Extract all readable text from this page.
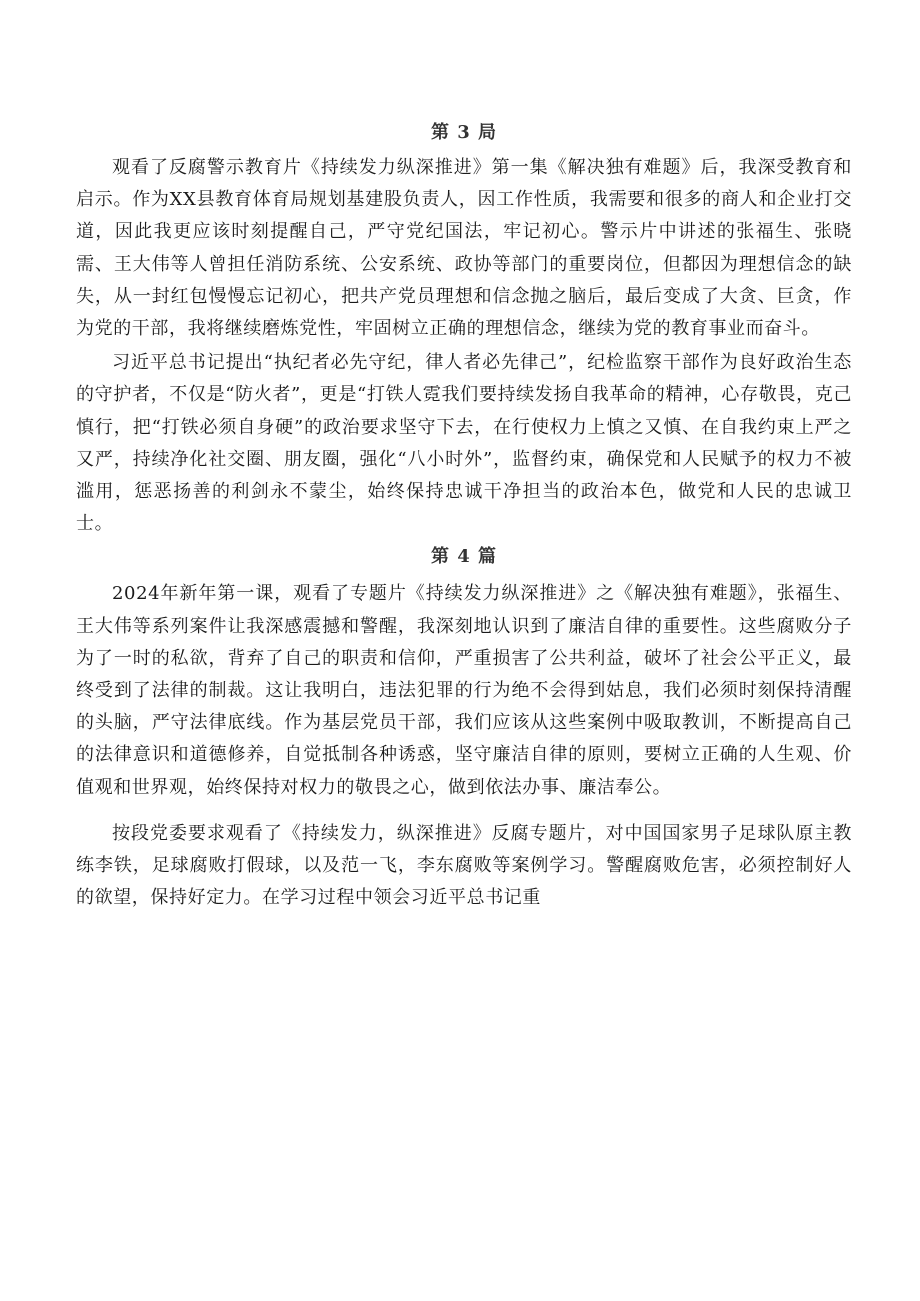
第 3 局

观看了反腐警示教育片《持续发力纵深推进》第一集《解决独有难题》后，我深受教育和启示。作为XX县教育体育局规划基建股负责人，因工作性质，我需要和很多的商人和企业打交道，因此我更应该时刻提醒自己，严守党纪国法，牢记初心。警示片中讲述的张福生、张晓需、王大伟等人曾担任消防系统、公安系统、政协等部门的重要岗位，但都因为理想信念的缺失，从一封红包慢慢忘记初心，把共产党员理想和信念抛之脑后，最后变成了大贪、巨贪，作为党的干部，我将继续磨炼党性，牢固树立正确的理想信念，继续为党的教育事业而奋斗。

习近平总书记提出“执纪者必先守纪，律人者必先律己”，纪检监察干部作为良好政治生态的守护者，不仅是“防火者”，更是“打铁人霓我们要持续发扬自我革命的精神，心存敬畏，克己慎行，把“打铁必须自身硬”的政治要求坚守下去，在行使权力上慎之又慎、在自我约束上严之又严，持续净化社交圈、朋友圈，强化“八小时外”，监督约束，确保党和人民赋予的权力不被滥用，惩恶扬善的利剑永不蒙尘，始终保持忠诚干净担当的政治本色，做党和人民的忠诚卫士。

第 4 篇

2024年新年第一课，观看了专题片《持续发力纵深推进》之《解决独有难题》，张福生、王大伟等系列案件让我深感震撼和警醒，我深刻地认识到了廉洁自律的重要性。这些腐败分子为了一时的私欲，背弃了自己的职责和信仰，严重损害了公共利益，破坏了社会公平正义，最终受到了法律的制裁。这让我明白，违法犯罪的行为绝不会得到姑息，我们必须时刻保持清醒的头脑，严守法律底线。作为基层党员干部，我们应该从这些案例中吸取教训，不断提高自己的法律意识和道德修养，自觉抵制各种诱惑，坚守廉洁自律的原则，要树立正确的人生观、价值观和世界观，始终保持对权力的敬畏之心，做到依法办事、廉洁奉公。

按段党委要求观看了《持续发力，纵深推进》反腐专题片，对中国国家男子足球队原主教练李铁，足球腐败打假球，以及范一飞，李东腐败等案例学习。警醒腐败危害，必须控制好人的欲望，保持好定力。在学习过程中领会习近平总书记重
